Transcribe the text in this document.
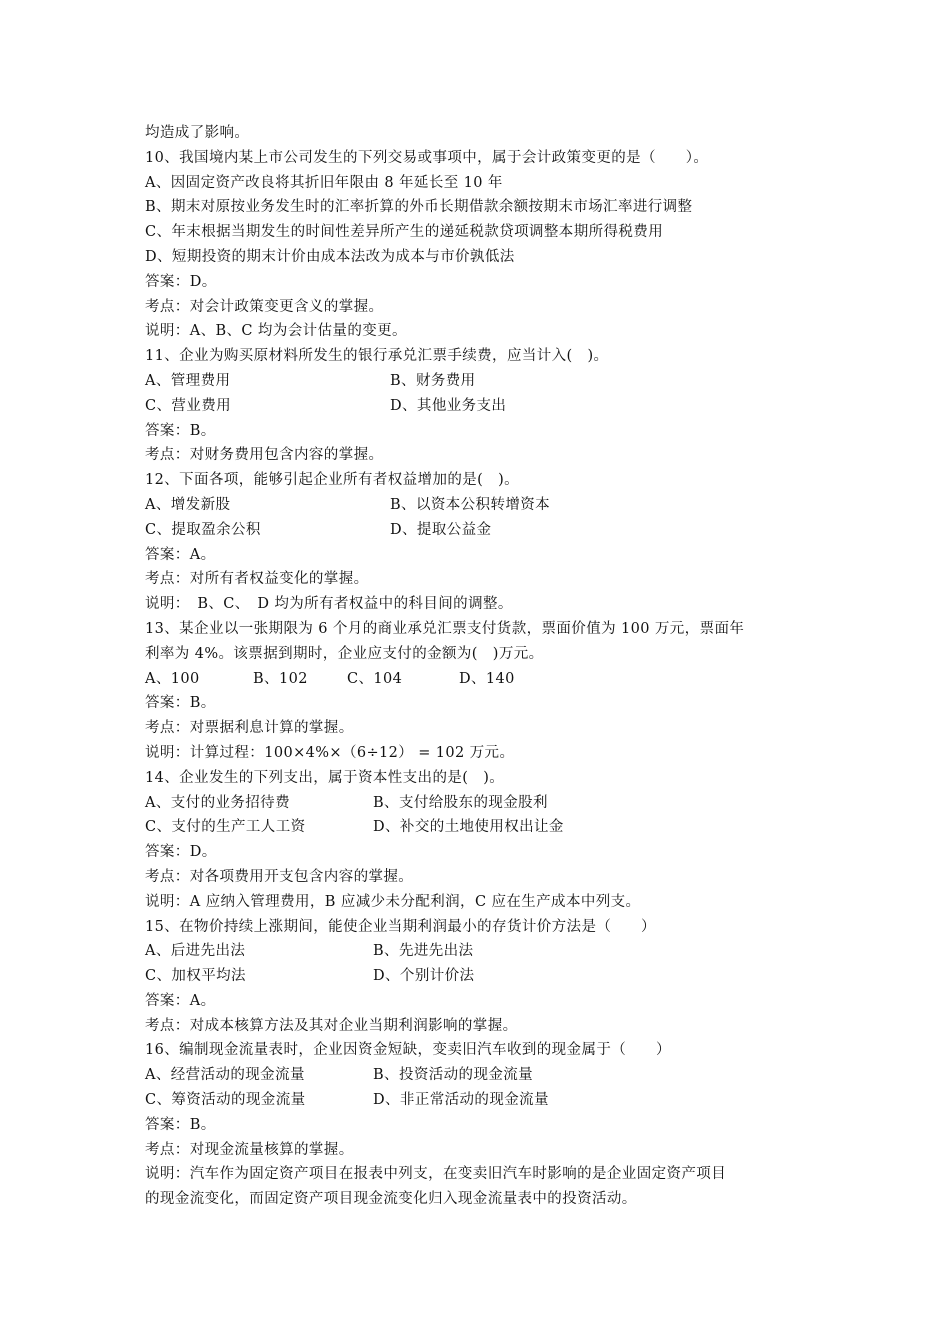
均造成了影响。
10、我国境内某上市公司发生的下列交易或事项中，属于会计政策变更的是（　　）。
A、因固定资产改良将其折旧年限由 8 年延长至 10 年
B、期末对原按业务发生时的汇率折算的外币长期借款余额按期末市场汇率进行调整
C、年末根据当期发生的时间性差异所产生的递延税款贷项调整本期所得税费用
D、短期投资的期末计价由成本法改为成本与市价孰低法
答案：D。
考点：对会计政策变更含义的掌握。
说明：A、B、C 均为会计估量的变更。
11、企业为购买原材料所发生的银行承兑汇票手续费，应当计入(　)。
A、管理费用	B、财务费用
C、营业费用	D、其他业务支出
答案：B。
考点：对财务费用包含内容的掌握。
12、下面各项，能够引起企业所有者权益增加的是(　)。
A、增发新股	B、以资本公积转增资本
C、提取盈余公积	D、提取公益金
答案：A。
考点：对所有者权益变化的掌握。
说明：　B、C、　D 均为所有者权益中的科目间的调整。
13、某企业以一张期限为 6 个月的商业承兑汇票支付货款，票面价值为 100 万元，票面年
利率为 4%。该票据到期时，企业应支付的金额为(　)万元。
A、100	B、102	C、104	D、140
答案：B。
考点：对票据利息计算的掌握。
说明：计算过程：100×4%×（6÷12） = 102 万元。
14、企业发生的下列支出，属于资本性支出的是(　)。
A、支付的业务招待费	B、支付给股东的现金股利
C、支付的生产工人工资	D、补交的土地使用权出让金
答案：D。
考点：对各项费用开支包含内容的掌握。
说明：A 应纳入管理费用，B 应减少未分配利润，C 应在生产成本中列支。
15、在物价持续上涨期间，能使企业当期利润最小的存货计价方法是（　　）
A、后进先出法	B、先进先出法
C、加权平均法	D、个别计价法
答案：A。
考点：对成本核算方法及其对企业当期利润影响的掌握。
16、编制现金流量表时，企业因资金短缺，变卖旧汽车收到的现金属于（　　）
A、经营活动的现金流量	B、投资活动的现金流量
C、筹资活动的现金流量	D、非正常活动的现金流量
答案：B。
考点：对现金流量核算的掌握。
说明：汽车作为固定资产项目在报表中列支，在变卖旧汽车时影响的是企业固定资产项目
的现金流变化，而固定资产项目现金流变化归入现金流量表中的投资活动。
